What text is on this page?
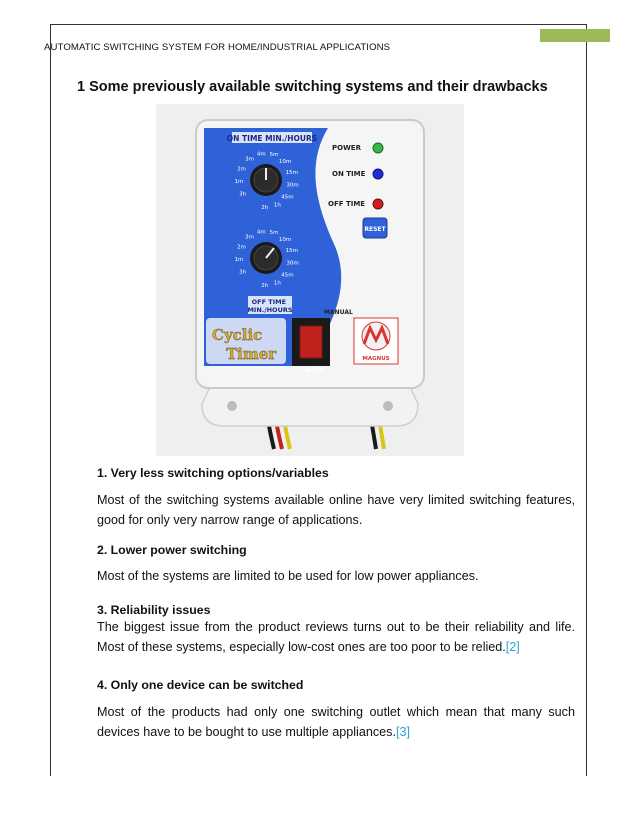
AUTOMATIC SWITCHING SYSTEM FOR HOME/INDUSTRIAL APPLICATIONS
1 Some previously available switching systems and their drawbacks
ON TIME MIN./HOURS
3h
1m
2m
3m
4m 5m
10m
15m
30m
45m
1h
2h
3h
1m
2m
3m
4m 5m
10m
15m
30m
45m
1h
2h
OFF TIME MIN./HOURS
POWER
ON TIME
OFF TIME
RESET
MANUAL
AUTO
Cyclic
Timer	MAGNUS
1. Very less switching options/variables
Most of the switching systems available online have very limited switching features, good for only very narrow range of applications.
2. Lower power switching
Most of the systems are limited to be used for low power appliances.
3. Reliability issues
The biggest issue from the product reviews turns out to be their reliability and life. Most of these systems, especially low-cost ones are too poor to be relied.[2]
4. Only one device can be switched
Most of the products had only one switching outlet which mean that many such devices have to be bought to use multiple appliances.[3]
